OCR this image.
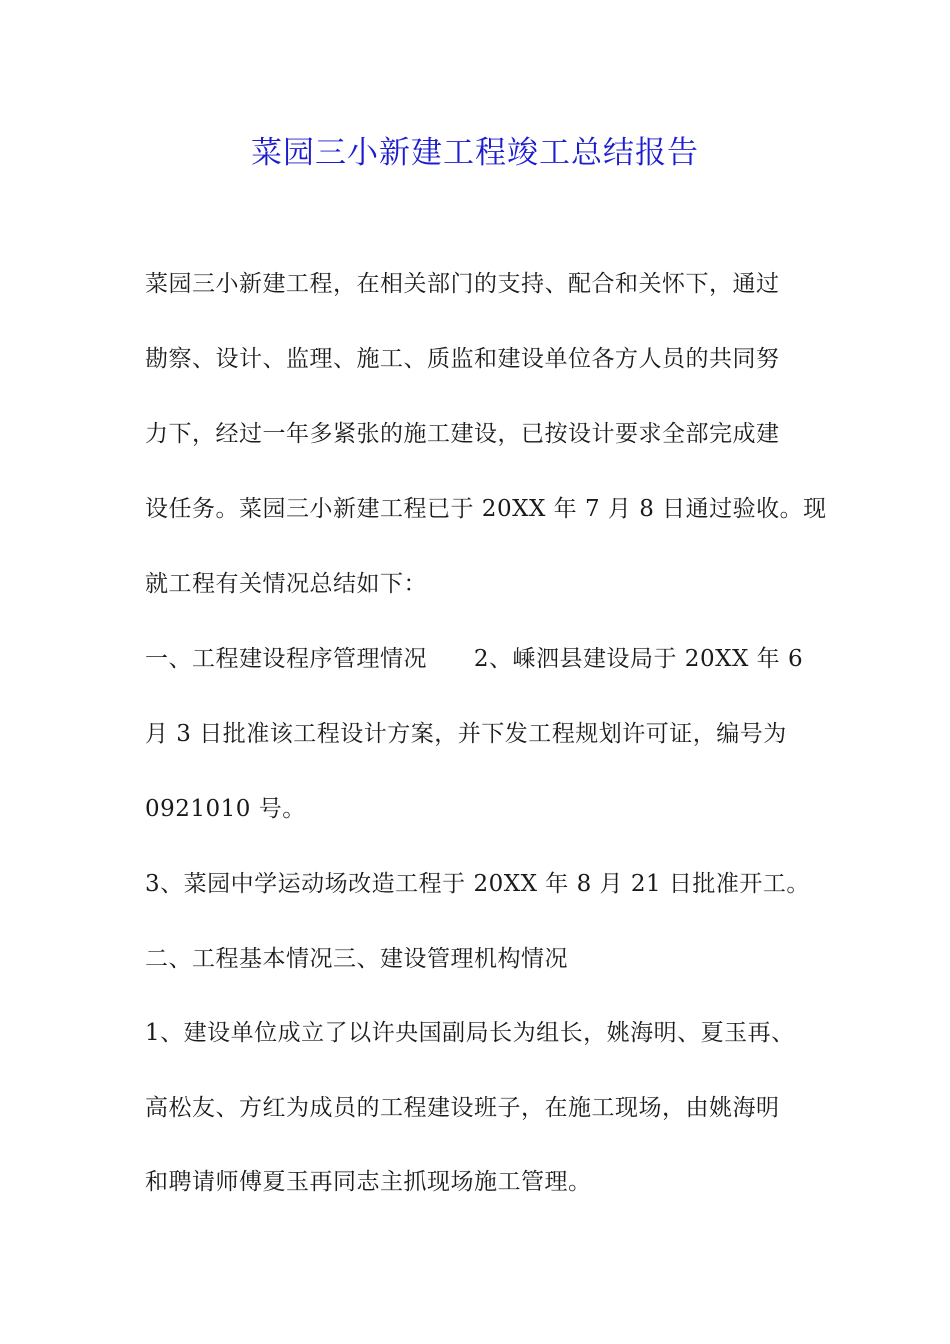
菜园三小新建工程竣工总结报告
菜园三小新建工程，在相关部门的支持、配合和关怀下，通过
勘察、设计、监理、施工、质监和建设单位各方人员的共同努
力下，经过一年多紧张的施工建设，已按设计要求全部完成建
设任务。菜园三小新建工程已于 20XX 年 7 月 8 日通过验收。现
就工程有关情况总结如下：
一、工程建设程序管理情况      2、嵊泗县建设局于 20XX 年 6
月 3 日批准该工程设计方案，并下发工程规划许可证，编号为
0921010 号。
3、菜园中学运动场改造工程于 20XX 年 8 月 21 日批准开工。
二、工程基本情况三、建设管理机构情况
1、建设单位成立了以许央国副局长为组长，姚海明、夏玉再、
高松友、方红为成员的工程建设班子，在施工现场，由姚海明
和聘请师傅夏玉再同志主抓现场施工管理。
